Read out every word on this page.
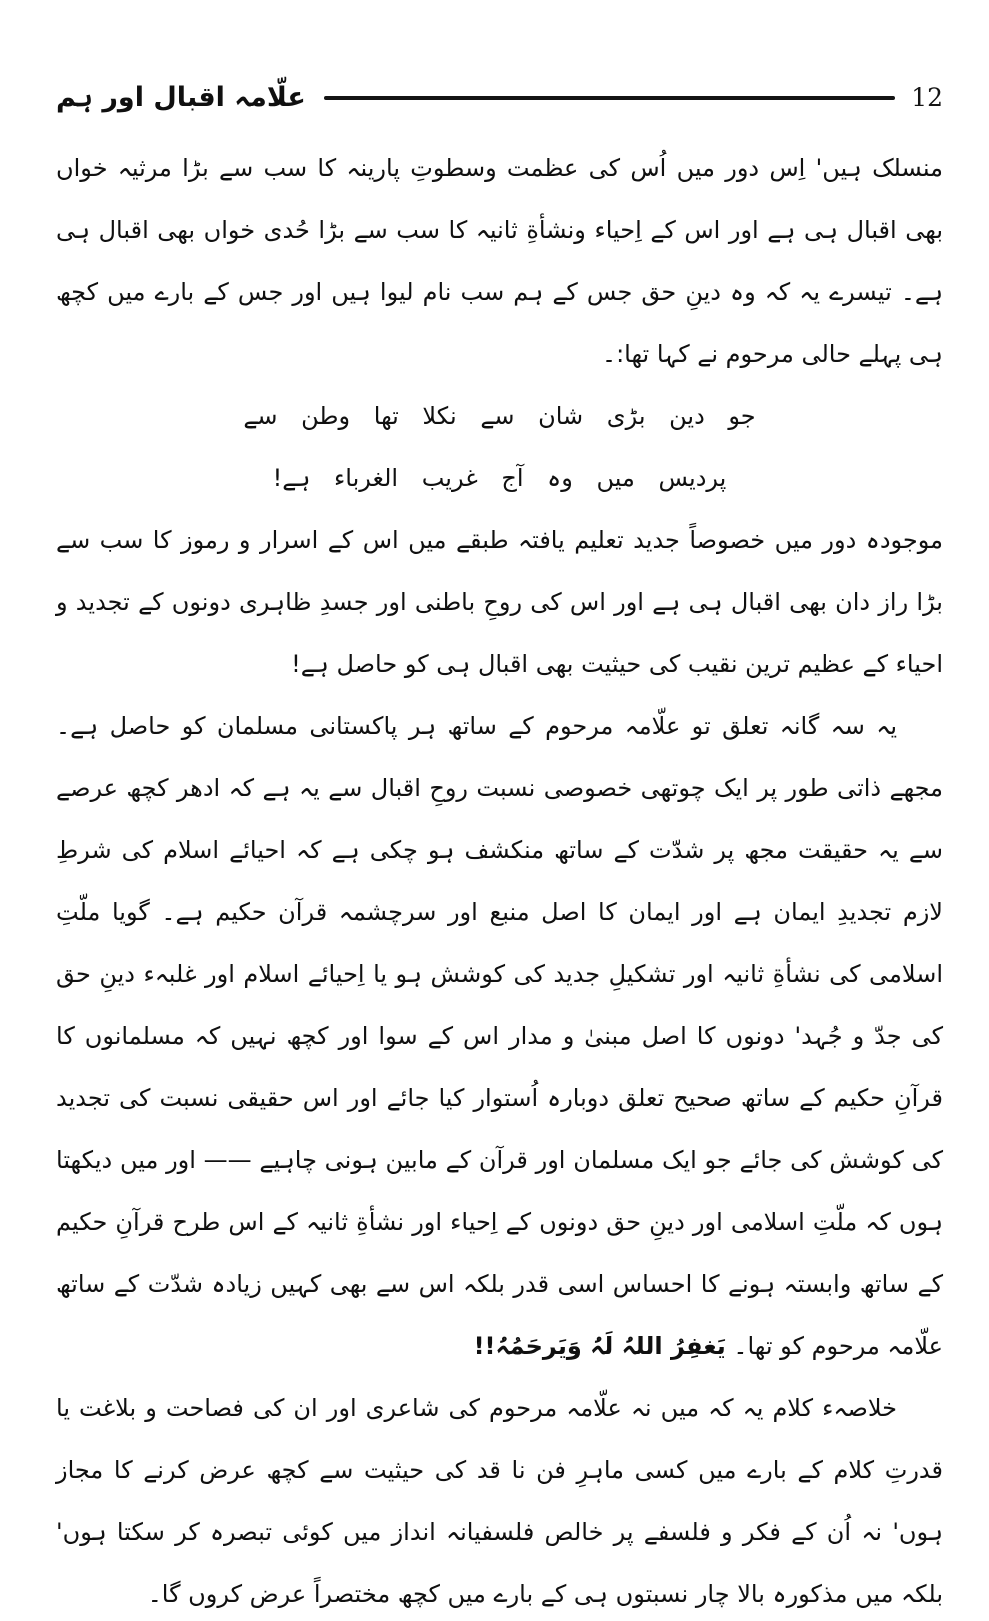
علّامہ اقبال اور ہم	12

منسلک ہیں' اِس دور میں اُس کی عظمت وسطوتِ پارینہ کا سب سے بڑا مرثیہ خواں بھی اقبال ہی ہے اور اس کے اِحیاء ونشأةِ ثانیہ کا سب سے بڑا حُدی خواں بھی اقبال ہی ہے۔ تیسرے یہ کہ وہ دینِ حق جس کے ہم سب نام لیوا ہیں اور جس کے بارے میں کچھ ہی پہلے حالی مرحوم نے کہا تھا:۔

جو دین بڑی شان سے نکلا تھا وطن سے
پردیس میں وہ آج غریب الغرباء ہے!

موجودہ دور میں خصوصاً جدید تعلیم یافتہ طبقے میں اس کے اسرار و رموز کا سب سے بڑا راز دان بھی اقبال ہی ہے اور اس کی روحِ باطنی اور جسدِ ظاہری دونوں کے تجدید و احیاء کے عظیم ترین نقیب کی حیثیت بھی اقبال ہی کو حاصل ہے!

یہ سہ گانہ تعلق تو علّامہ مرحوم کے ساتھ ہر پاکستانی مسلمان کو حاصل ہے۔ مجھے ذاتی طور پر ایک چوتھی خصوصی نسبت روحِ اقبال سے یہ ہے کہ ادھر کچھ عرصے سے یہ حقیقت مجھ پر شدّت کے ساتھ منکشف ہو چکی ہے کہ احیائے اسلام کی شرطِ لازم تجدیدِ ایمان ہے اور ایمان کا اصل منبع اور سرچشمہ قرآن حکیم ہے۔ گویا ملّتِ اسلامی کی نشأةِ ثانیہ اور تشکیلِ جدید کی کوشش ہو یا اِحیائے اسلام اور غلبہء دینِ حق کی جدّ و جُہد' دونوں کا اصل مبنیٰ و مدار اس کے سوا اور کچھ نہیں کہ مسلمانوں کا قرآنِ حکیم کے ساتھ صحیح تعلق دوبارہ اُستوار کیا جائے اور اس حقیقی نسبت کی تجدید کی کوشش کی جائے جو ایک مسلمان اور قرآن کے مابین ہونی چاہیے —— اور میں دیکھتا ہوں کہ ملّتِ اسلامی اور دینِ حق دونوں کے اِحیاء اور نشأةِ ثانیہ کے اس طرح قرآنِ حکیم کے ساتھ وابستہ ہونے کا احساس اسی قدر بلکہ اس سے بھی کہیں زیادہ شدّت کے ساتھ علّامہ مرحوم کو تھا۔ یَغفِرُ اللہُ لَہُ وَیَرحَمُہُ!!

خلاصہء کلام یہ کہ میں نہ علّامہ مرحوم کی شاعری اور ان کی فصاحت و بلاغت یا قدرتِ کلام کے بارے میں کسی ماہرِ فن نا قد کی حیثیت سے کچھ عرض کرنے کا مجاز ہوں' نہ اُن کے فکر و فلسفے پر خالص فلسفیانہ انداز میں کوئی تبصرہ کر سکتا ہوں' بلکہ میں مذکورہ بالا چار نسبتوں ہی کے بارے میں کچھ مختصراً عرض کروں گا۔
